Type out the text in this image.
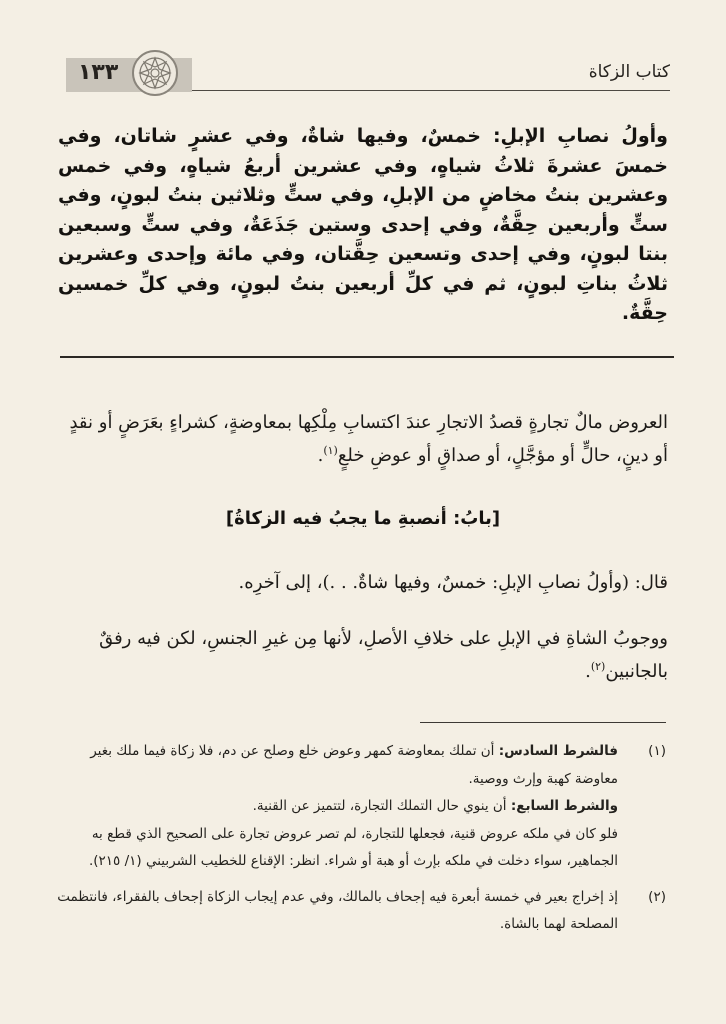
١٣٣	كتاب الزكاة
وأولُ نصابِ الإبلِ: خمسٌ، وفيها شاةٌ، وفي عشرٍ شاتان، وفي خمسَ عشرةَ ثلاثُ شياهٍ، وفي عشرين أربعُ شياهٍ، وفي خمس وعشرين بنتُ مخاضٍ من الإبلِ، وفي ستٍّ وثلاثين بنتُ لبونٍ، وفي ستٍّ وأربعين حِقَّةٌ، وفي إحدى وستين جَذَعَةٌ، وفي ستٍّ وسبعين بنتا لبونٍ، وفي إحدى وتسعين حِقَّتان، وفي مائة وإحدى وعشرين ثلاثُ بناتِ لبونٍ، ثم في كلِّ أربعين بنتُ لبونٍ، وفي كلِّ خمسين حِقَّةٌ.
العروض مالٌ تجارةٍ قصدُ الاتجارِ عندَ اكتسابِ مِلْكِها بمعاوضةٍ، كشراءٍ بعَرَضٍ أو نقدٍ أو دينٍ، حالٍّ أو مؤجَّلٍ، أو صداقٍ أو عوضِ خلعٍ$^{(١)}$.
[بابُ: أنصبةِ ما يجبُ فيه الزكاةُ]
قال: (وأولُ نصابِ الإبلِ: خمسٌ، وفيها شاةٌ. . .)، إلى آخرِه.
ووجوبُ الشاةِ في الإبلِ على خلافِ الأصلِ، لأنها مِن غيرِ الجنسِ، لكن فيه رفقٌ بالجانبين$^{(٢)}$.
(١)
فالشرط السادس: أن تملك بمعاوضة كمهر وعوض خلع وصلح عن دم، فلا زكاة فيما ملك بغير معاوضة كهبة وإرث ووصية.
والشرط السابع: أن ينوي حال التملك التجارة، لتتميز عن القنية.
فلو كان في ملكه عروض قنية، فجعلها للتجارة، لم تصر عروض تجارة على الصحيح الذي قطع به الجماهير، سواء دخلت في ملكه بإرث أو هبة أو شراء. انظر: الإقناع للخطيب الشربيني (١/ ٢١٥).
(٢)
إذ إخراج بعير في خمسة أبعرة فيه إجحاف بالمالك، وفي عدم إيجاب الزكاة إجحاف بالفقراء، فانتظمت المصلحة لهما بالشاة.
